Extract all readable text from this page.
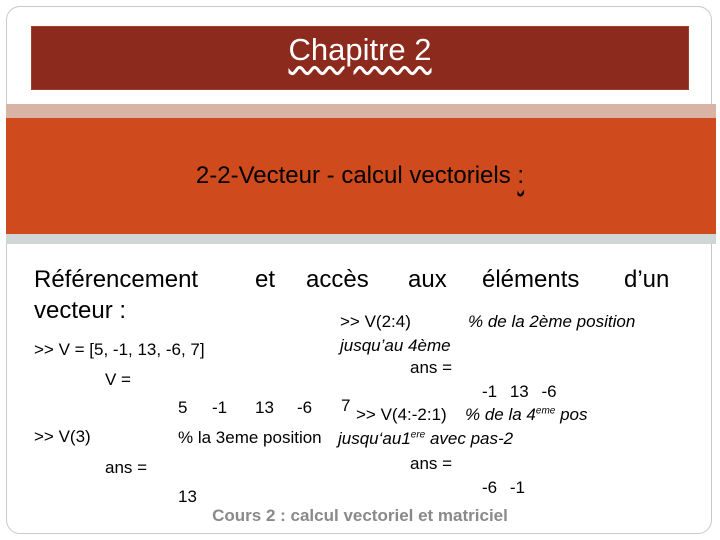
Chapitre 2
2-2-Vecteur - calcul vectoriels :
Référencement et accès aux éléments d’un
vecteur :
>> V = [5, -1, 13, -6, 7]
V =
5 -1 13 -6 7
>> V(3)	% la 3eme position
ans =
13
>> V(2:4)	% de la 2ème position
jusqu’au 4ème
ans =
-1 13 -6
>> V(4:-2:1) % de la 4eme pos
jusqu‘au1ere avec pas-2
ans =
-6 -1
Cours 2 : calcul vectoriel et matriciel
